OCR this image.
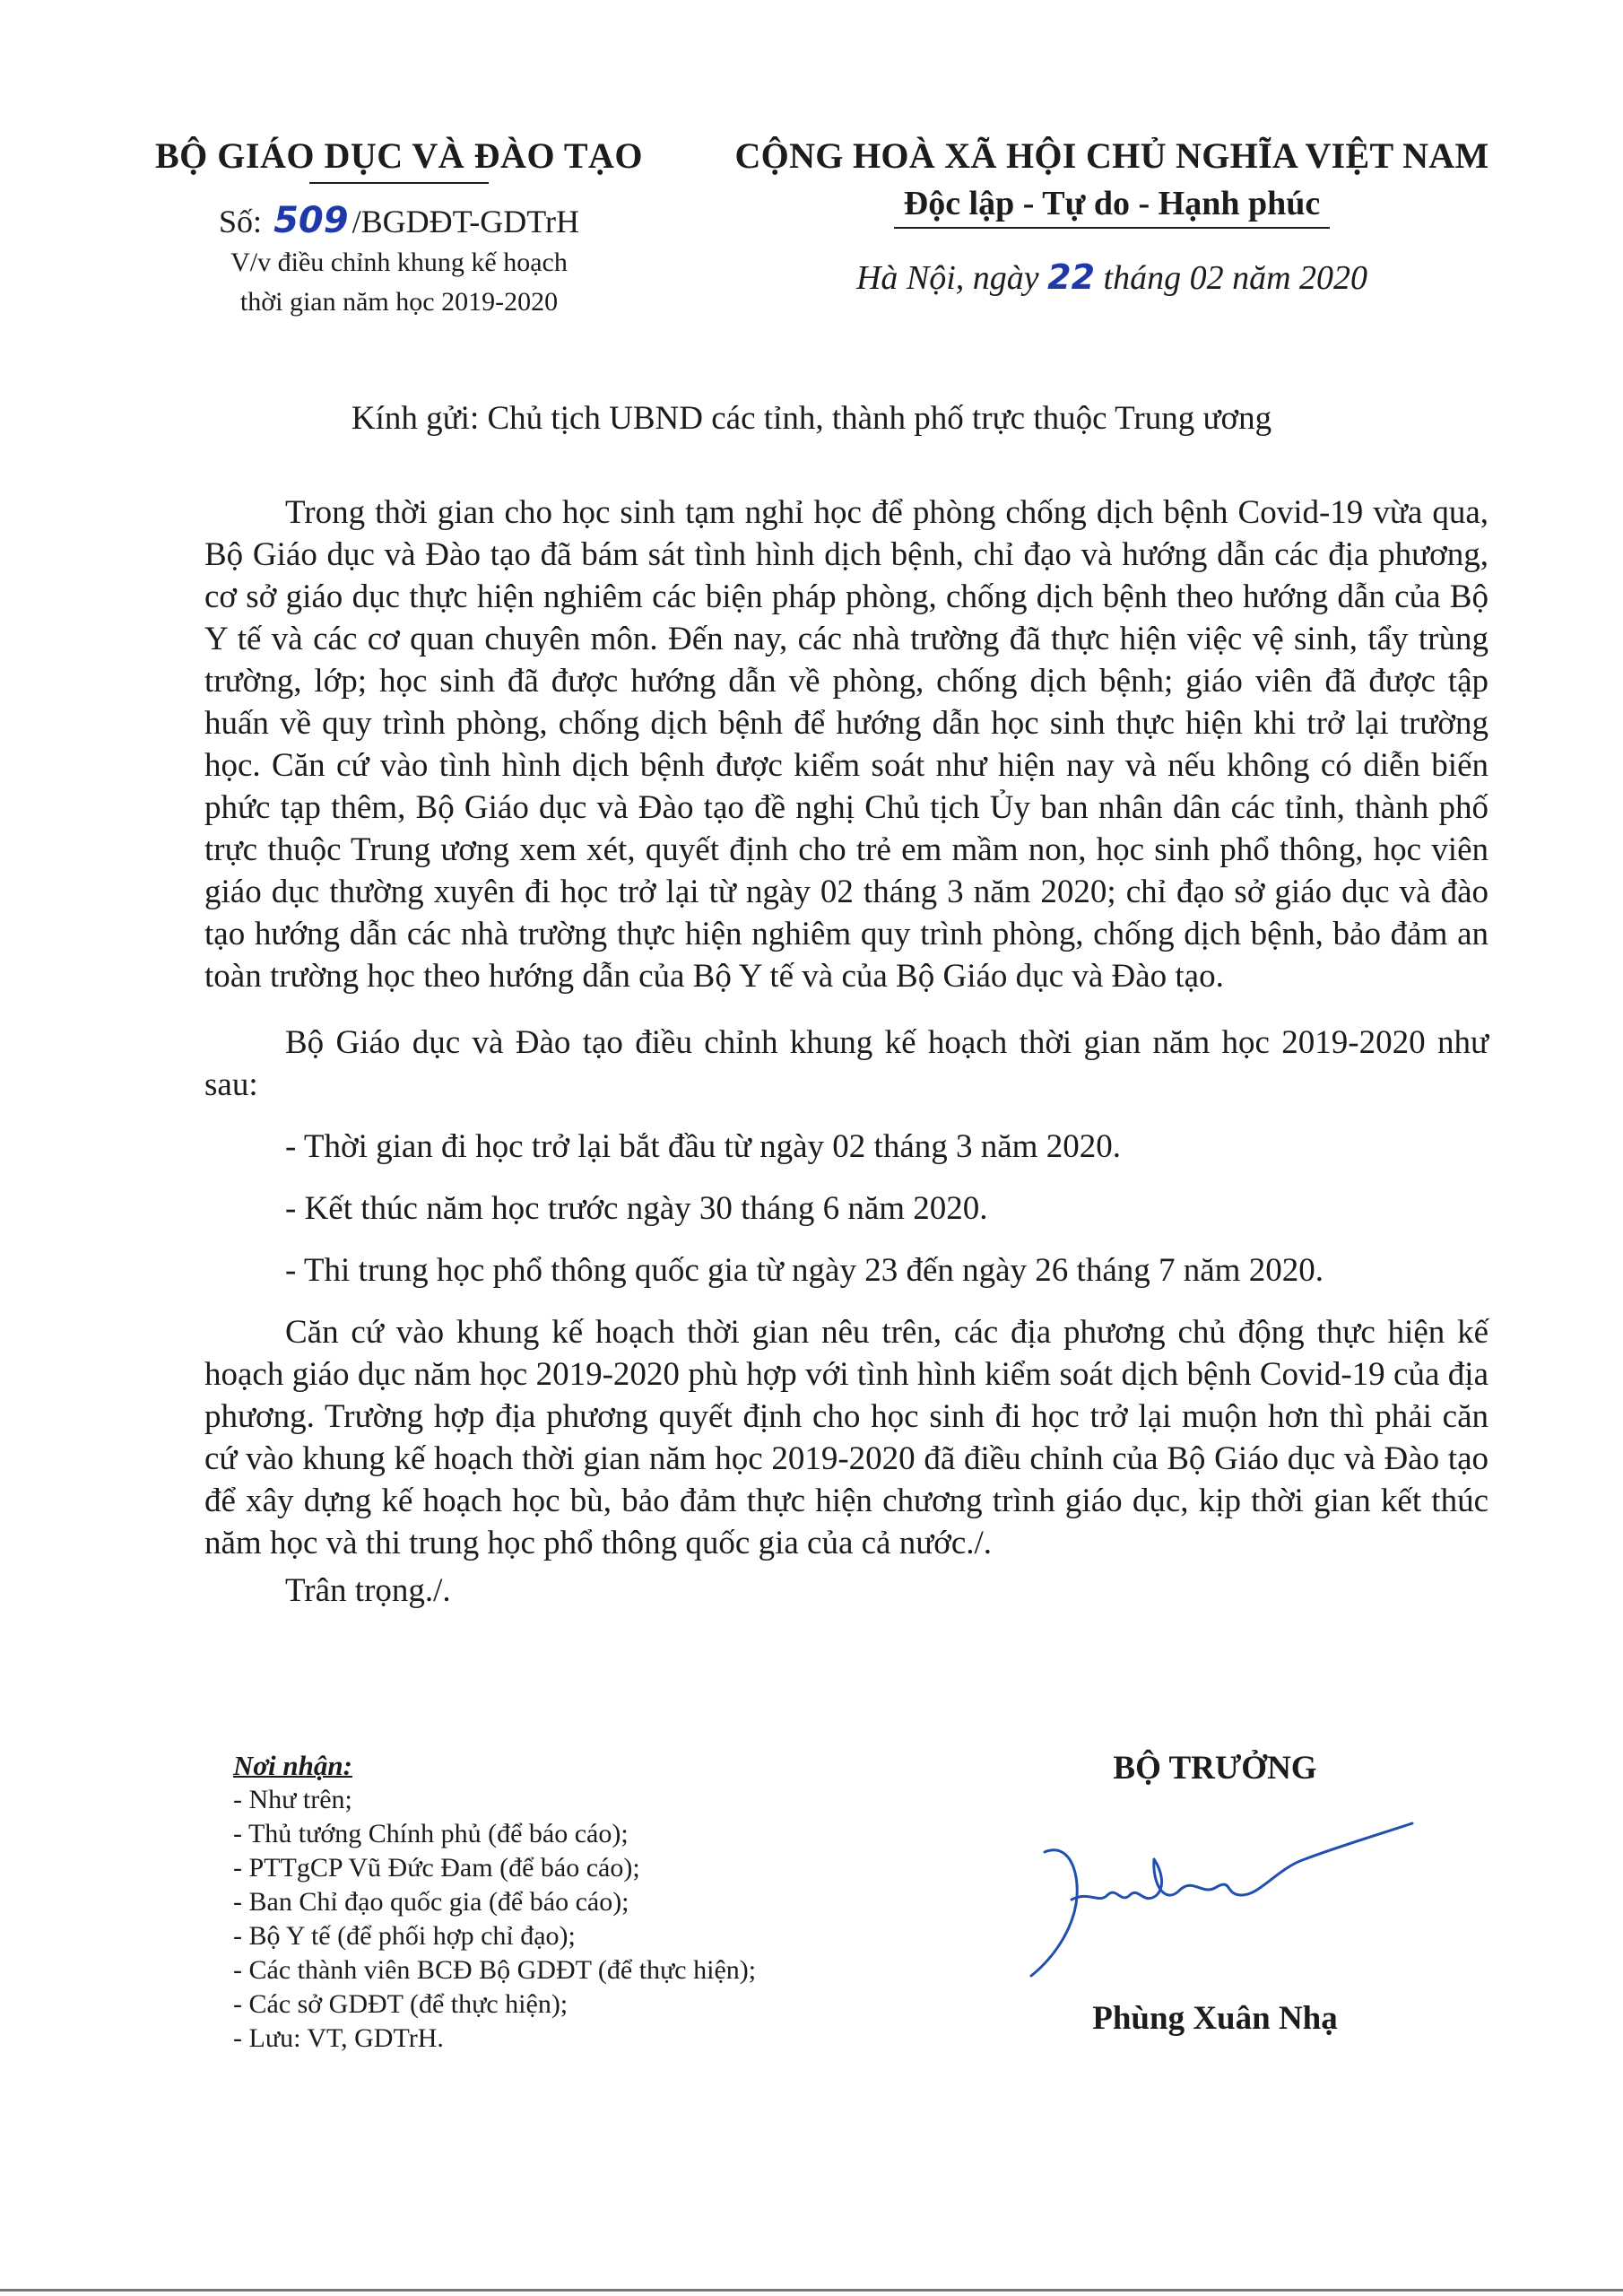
BỘ GIÁO DỤC VÀ ĐÀO TẠO
Số: 509 /BGDĐT-GDTrH
V/v điều chỉnh khung kế hoạch
thời gian năm học 2019-2020
CỘNG HOÀ XÃ HỘI CHỦ NGHĨA VIỆT NAM
Độc lập - Tự do - Hạnh phúc
Hà Nội, ngày 22 tháng 02 năm 2020
Kính gửi: Chủ tịch UBND các tỉnh, thành phố trực thuộc Trung ương

Trong thời gian cho học sinh tạm nghỉ học để phòng chống dịch bệnh Covid-19 vừa qua, Bộ Giáo dục và Đào tạo đã bám sát tình hình dịch bệnh, chỉ đạo và hướng dẫn các địa phương, cơ sở giáo dục thực hiện nghiêm các biện pháp phòng, chống dịch bệnh theo hướng dẫn của Bộ Y tế và các cơ quan chuyên môn. Đến nay, các nhà trường đã thực hiện việc vệ sinh, tẩy trùng trường, lớp; học sinh đã được hướng dẫn về phòng, chống dịch bệnh; giáo viên đã được tập huấn về quy trình phòng, chống dịch bệnh để hướng dẫn học sinh thực hiện khi trở lại trường học. Căn cứ vào tình hình dịch bệnh được kiểm soát như hiện nay và nếu không có diễn biến phức tạp thêm, Bộ Giáo dục và Đào tạo đề nghị Chủ tịch Ủy ban nhân dân các tỉnh, thành phố trực thuộc Trung ương xem xét, quyết định cho trẻ em mầm non, học sinh phổ thông, học viên giáo dục thường xuyên đi học trở lại từ ngày 02 tháng 3 năm 2020; chỉ đạo sở giáo dục và đào tạo hướng dẫn các nhà trường thực hiện nghiêm quy trình phòng, chống dịch bệnh, bảo đảm an toàn trường học theo hướng dẫn của Bộ Y tế và của Bộ Giáo dục và Đào tạo.

Bộ Giáo dục và Đào tạo điều chỉnh khung kế hoạch thời gian năm học 2019-2020 như sau:

- Thời gian đi học trở lại bắt đầu từ ngày 02 tháng 3 năm 2020.

- Kết thúc năm học trước ngày 30 tháng 6 năm 2020.

- Thi trung học phổ thông quốc gia từ ngày 23 đến ngày 26 tháng 7 năm 2020.

Căn cứ vào khung kế hoạch thời gian nêu trên, các địa phương chủ động thực hiện kế hoạch giáo dục năm học 2019-2020 phù hợp với tình hình kiểm soát dịch bệnh Covid-19 của địa phương. Trường hợp địa phương quyết định cho học sinh đi học trở lại muộn hơn thì phải căn cứ vào khung kế hoạch thời gian năm học 2019-2020 đã điều chỉnh của Bộ Giáo dục và Đào tạo để xây dựng kế hoạch học bù, bảo đảm thực hiện chương trình giáo dục, kịp thời gian kết thúc năm học và thi trung học phổ thông quốc gia của cả nước./.

Trân trọng./.

Nơi nhận:
- Như trên;
- Thủ tướng Chính phủ (để báo cáo);
- PTTgCP Vũ Đức Đam (để báo cáo);
- Ban Chỉ đạo quốc gia (để báo cáo);
- Bộ Y tế (để phối hợp chỉ đạo);
- Các thành viên BCĐ Bộ GDĐT (để thực hiện);
- Các sở GDĐT (để thực hiện);
- Lưu: VT, GDTrH.
BỘ TRƯỞNG
Phùng Xuân Nhạ
